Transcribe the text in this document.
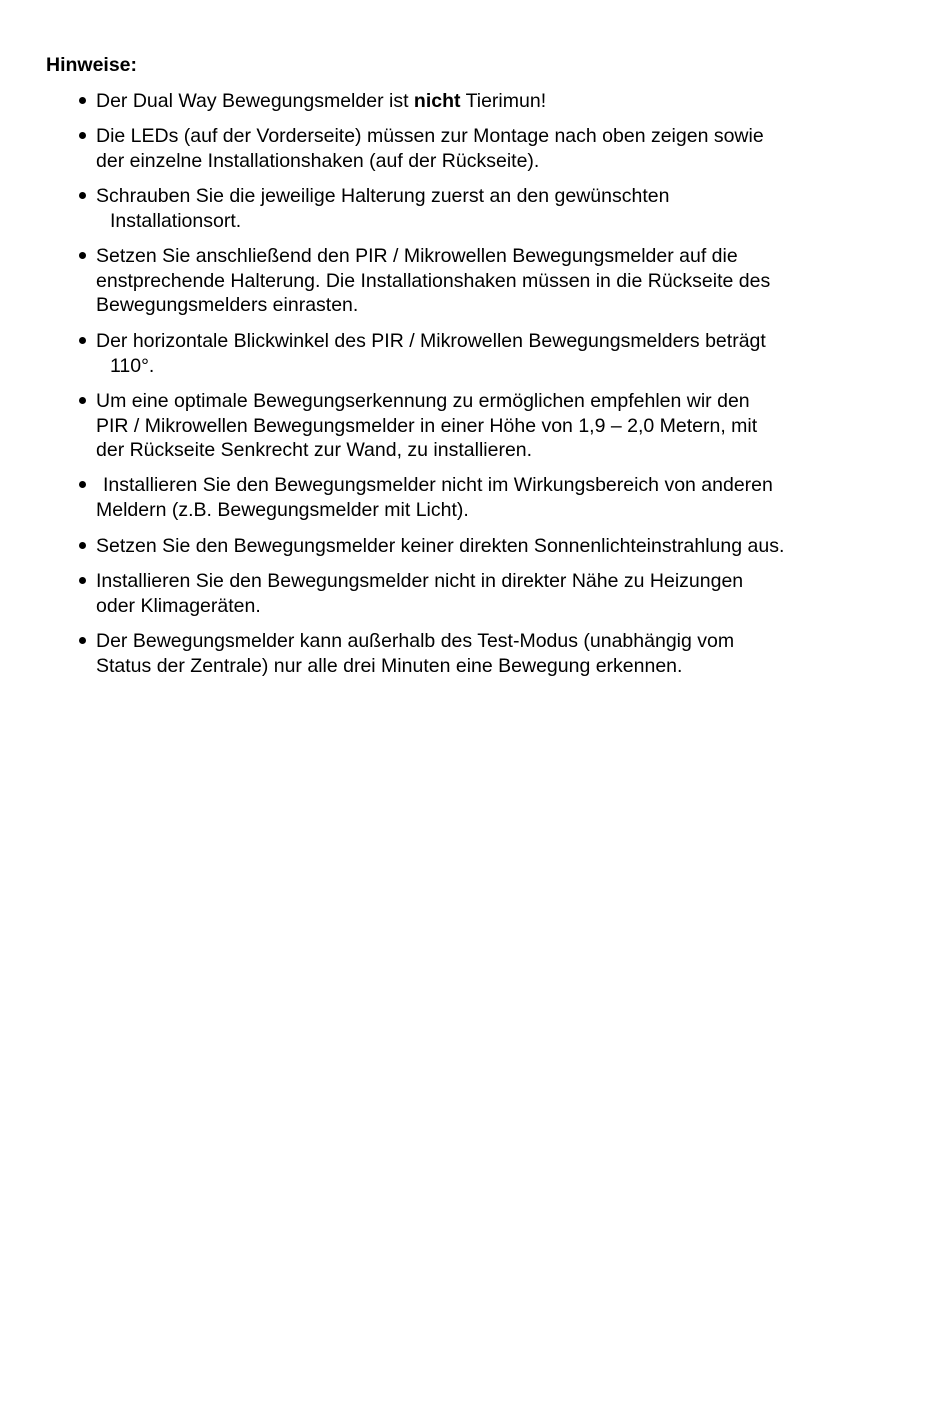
Hinweise:

Der Dual Way Bewegungsmelder ist nicht Tierimun!
Die LEDs (auf der Vorderseite) müssen zur Montage nach oben zeigen sowie
der einzelne Installationshaken (auf der Rückseite).
Schrauben Sie die jeweilige Halterung zuerst an den gewünschten
Installationsort.
Setzen Sie anschließend den PIR / Mikrowellen Bewegungsmelder auf die
enstprechende Halterung. Die Installationshaken müssen in die Rückseite des
Bewegungsmelders einrasten.
Der horizontale Blickwinkel des PIR / Mikrowellen Bewegungsmelders beträgt
110°.
Um eine optimale Bewegungserkennung zu ermöglichen empfehlen wir den
PIR / Mikrowellen Bewegungsmelder in einer Höhe von 1,9 – 2,0 Metern, mit
der Rückseite Senkrecht zur Wand, zu installieren.
Installieren Sie den Bewegungsmelder nicht im Wirkungsbereich von anderen
Meldern (z.B. Bewegungsmelder mit Licht).
Setzen Sie den Bewegungsmelder keiner direkten Sonnenlichteinstrahlung aus.
Installieren Sie den Bewegungsmelder nicht in direkter Nähe zu Heizungen
oder Klimageräten.
Der Bewegungsmelder kann außerhalb des Test-Modus (unabhängig vom
Status der Zentrale) nur alle drei Minuten eine Bewegung erkennen.
